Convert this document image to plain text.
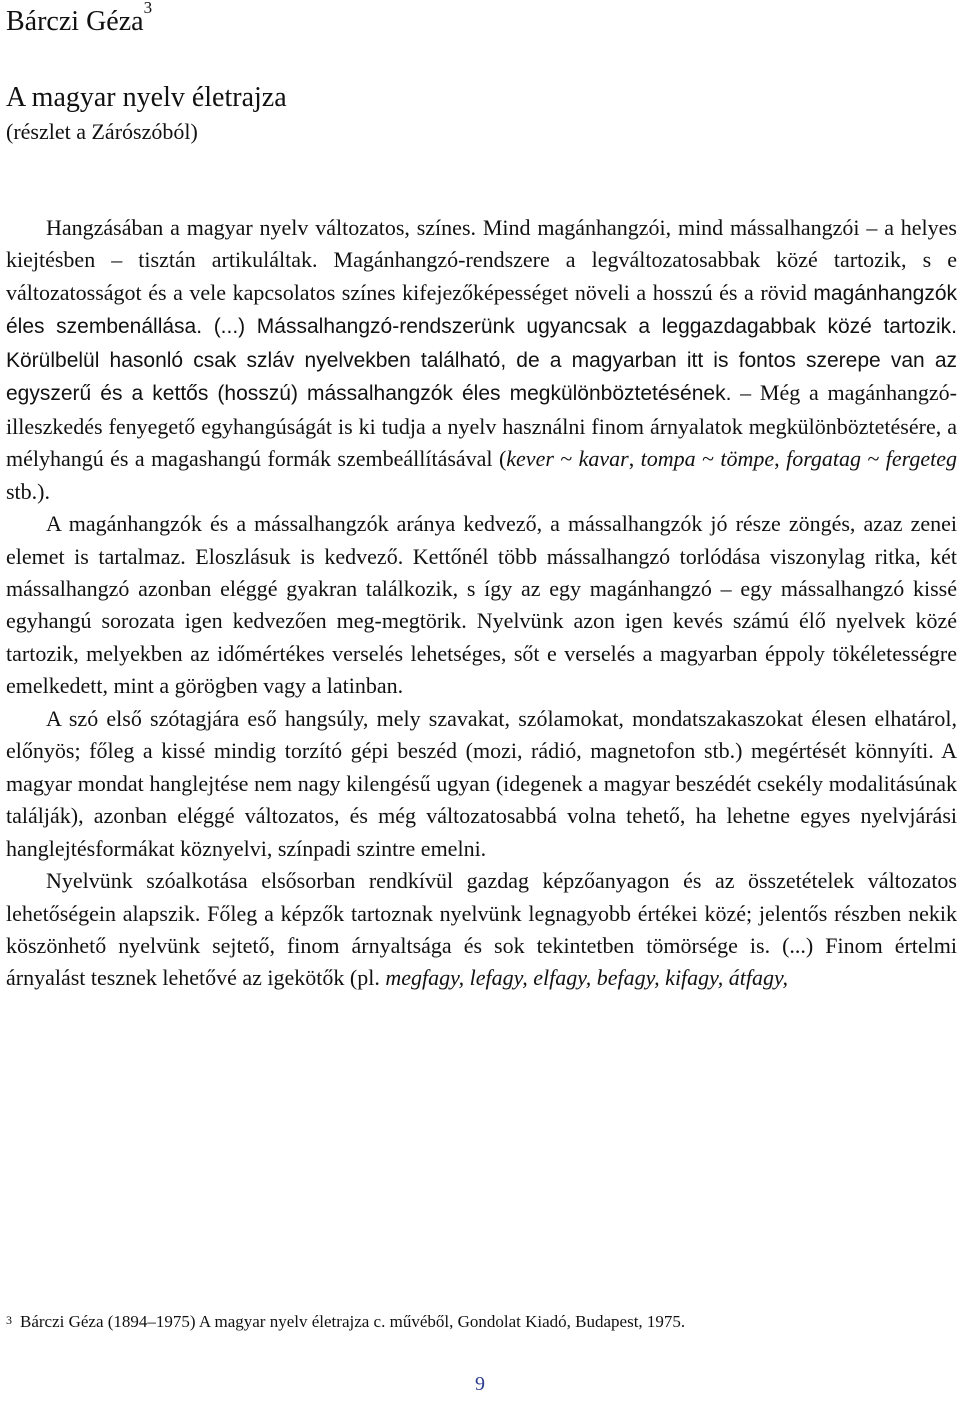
Bárczi Géza$^3$
A magyar nyelv életrajza
(részlet a Zárószóból)

Hangzásában a magyar nyelv változatos, színes. Mind magánhangzói, mind mássalhangzói – a helyes kiejtésben – tisztán artikuláltak. Magánhangzó-rendszere a legváltozatosabbak közé tartozik, s e változatosságot és a vele kapcsolatos színes kifejezőképességet növeli a hosszú és a rövid magánhangzók éles szembenállása. (...) Mássalhangzó-rendszerünk ugyancsak a leggazdagabbak közé tartozik. Körülbelül hasonló csak szláv nyelvekben található, de a magyarban itt is fontos szerepe van az egyszerű és a kettős (hosszú) mássalhangzók éles megkülönböztetésének. – Még a magánhangzó-illeszkedés fenyegető egyhangúságát is ki tudja a nyelv használni finom árnyalatok megkülönböztetésére, a mélyhangú és a magashangú formák szembeállításával (kever ~ kavar, tompa ~ tömpe, forgatag ~ fergeteg stb.).

A magánhangzók és a mássalhangzók aránya kedvező, a mássalhangzók jó része zöngés, azaz zenei elemet is tartalmaz. Eloszlásuk is kedvező. Kettőnél több mássalhangzó torlódása viszonylag ritka, két mássalhangzó azonban eléggé gyakran találkozik, s így az egy magánhangzó – egy mássalhangzó kissé egyhangú sorozata igen kedvezően meg-megtörik. Nyelvünk azon igen kevés számú élő nyelvek közé tartozik, melyekben az időmértékes verselés lehetséges, sőt e verselés a magyarban éppoly tökéletességre emelkedett, mint a görögben vagy a latinban.

A szó első szótagjára eső hangsúly, mely szavakat, szólamokat, mondatszakaszokat élesen elhatárol, előnyös; főleg a kissé mindig torzító gépi beszéd (mozi, rádió, magnetofon stb.) megértését könnyíti. A magyar mondat hanglejtése nem nagy kilengésű ugyan (idegenek a magyar beszédét csekély modalitásúnak találják), azonban eléggé változatos, és még változatosabbá volna tehető, ha lehetne egyes nyelvjárási hanglejtésformákat köznyelvi, színpadi szintre emelni.

Nyelvünk szóalkotása elsősorban rendkívül gazdag képzőanyagon és az összetételek változatos lehetőségein alapszik. Főleg a képzők tartoznak nyelvünk legnagyobb értékei közé; jelentős részben nekik köszönhető nyelvünk sejtető, finom árnyaltsága és sok tekintetben tömörsége is. (...) Finom értelmi árnyalást tesznek lehetővé az igekötők (pl. megfagy, lefagy, elfagy, befagy, kifagy, átfagy,

$^3$ Bárczi Géza (1894–1975) A magyar nyelv életrajza c. művéből, Gondolat Kiadó, Budapest, 1975.
9
